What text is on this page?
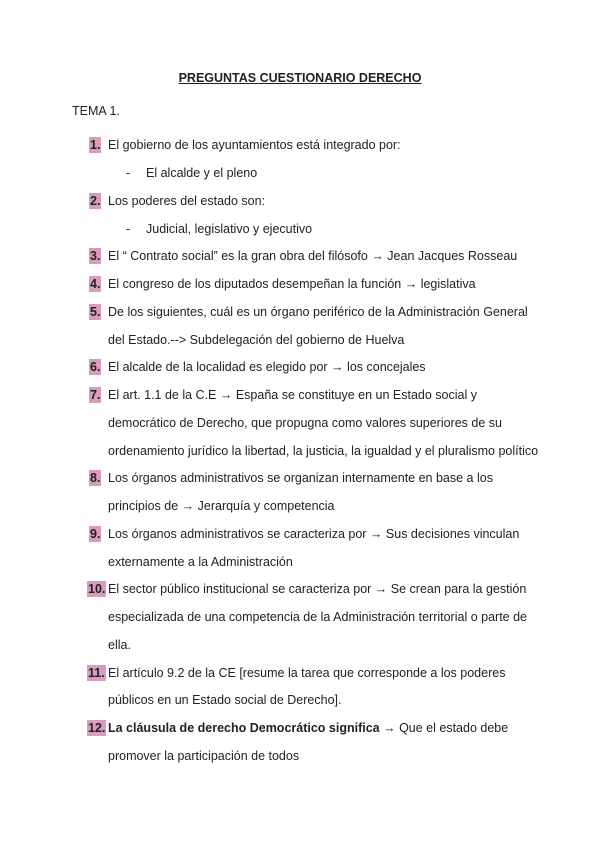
PREGUNTAS CUESTIONARIO DERECHO
TEMA 1.
1. El gobierno de los ayuntamientos está integrado por:
- El alcalde y el pleno
2. Los poderes del estado son:
- Judicial, legislativo y ejecutivo
3. El “ Contrato social” es la gran obra del filósofo → Jean Jacques Rosseau
4. El congreso de los diputados desempeñan la función → legislativa
5. De los siguientes, cuál es un órgano periférico de la Administración General
del Estado.--> Subdelegación del gobierno de Huelva
6. El alcalde de la localidad es elegido por → los concejales
7. El art. 1.1 de la C.E → España se constituye en un Estado social y
democrático de Derecho, que propugna como valores superiores de su
ordenamiento jurídico la libertad, la justicia, la igualdad y el pluralismo político
8. Los órganos administrativos se organizan internamente en base a los
principios de → Jerarquía y competencia
9. Los órganos administrativos se caracteriza por → Sus decisiones vinculan
externamente a la Administración
10. El sector público institucional se caracteriza por → Se crean para la gestión
especializada de una competencia de la Administración territorial o parte de
ella.
11. El artículo 9.2 de la CE [resume la tarea que corresponde a los poderes
públicos en un Estado social de Derecho].
12. La cláusula de derecho Democrático significa → Que el estado debe
promover la participación de todos
